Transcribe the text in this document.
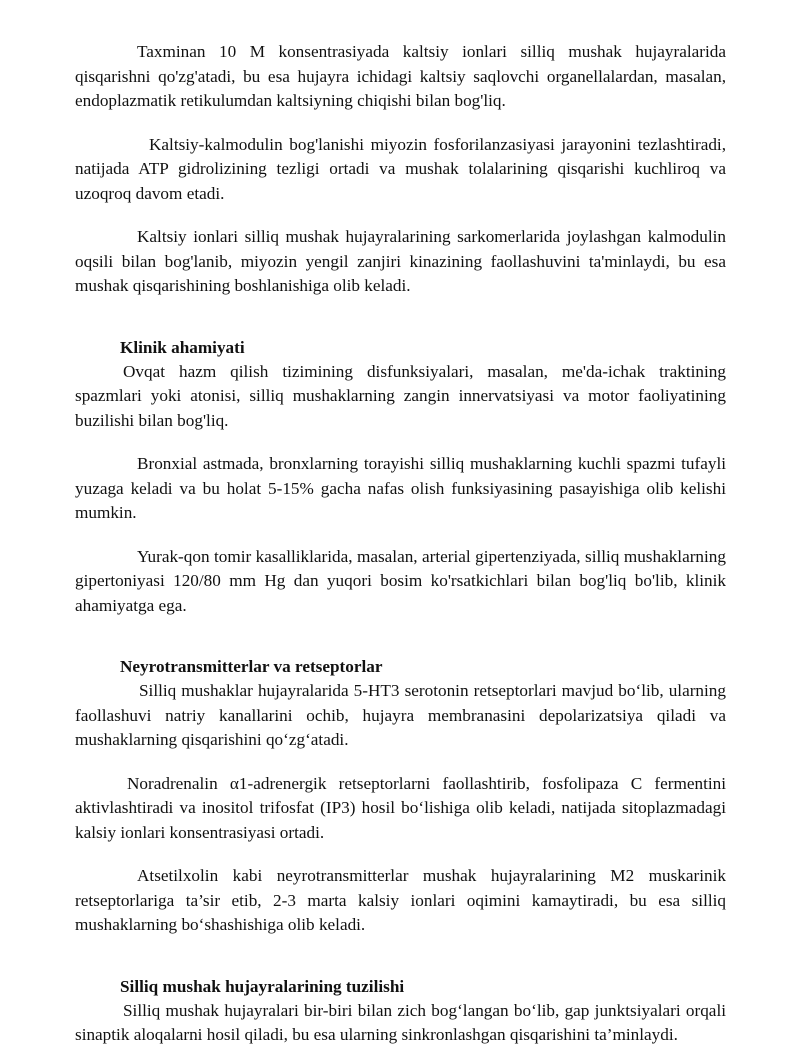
Taxminan 10 M konsentrasiyada kaltsiy ionlari silliq mushak hujayralarida qisqarishni qo'zg'atadi, bu esa hujayra ichidagi kaltsiy saqlovchi organellalardan, masalan, endoplazmatik retikulumdan kaltsiyning chiqishi bilan bog'liq.

Kaltsiy-kalmodulin bog'lanishi miyozin fosforilanzasiyasi jarayonini tezlashtiradi, natijada ATP gidrolizining tezligi ortadi va mushak tolalarining qisqarishi kuchliroq va uzoqroq davom etadi.

Kaltsiy ionlari silliq mushak hujayralarining sarkomerlarida joylashgan kalmodulin oqsili bilan bog'lanib, miyozin yengil zanjiri kinazining faollashuvini ta'minlaydi, bu esa mushak qisqarishining boshlanishiga olib keladi.

Klinik ahamiyati

Ovqat hazm qilish tizimining disfunksiyalari, masalan, me'da-ichak traktining spazmlari yoki atonisi, silliq mushaklarning zangin innervatsiyasi va motor faoliyatining buzilishi bilan bog'liq.

Bronxial astmada, bronxlarning torayishi silliq mushaklarning kuchli spazmi tufayli yuzaga keladi va bu holat 5-15% gacha nafas olish funksiyasining pasayishiga olib kelishi mumkin.

Yurak-qon tomir kasalliklarida, masalan, arterial gipertenziyada, silliq mushaklarning gipertoniyasi 120/80 mm Hg dan yuqori bosim ko'rsatkichlari bilan bog'liq bo'lib, klinik ahamiyatga ega.

Neyrotransmitterlar va retseptorlar

Silliq mushaklar hujayralarida 5-HT3 serotonin retseptorlari mavjud bo‘lib, ularning faollashuvi natriy kanallarini ochib, hujayra membranasini depolarizatsiya qiladi va mushaklarning qisqarishini qo‘zg‘atadi.

Noradrenalin α1-adrenergik retseptorlarni faollashtirib, fosfolipaza C fermentini aktivlashtiradi va inositol trifosfat (IP3) hosil bo‘lishiga olib keladi, natijada sitoplazmadagi kalsiy ionlari konsentrasiyasi ortadi.

Atsetilxolin kabi neyrotransmitterlar mushak hujayralarining M2 muskarinik retseptorlariga ta’sir etib, 2-3 marta kalsiy ionlari oqimini kamaytiradi, bu esa silliq mushaklarning bo‘shashishiga olib keladi.

Silliq mushak hujayralarining tuzilishi

Silliq mushak hujayralari bir-biri bilan zich bog‘langan bo‘lib, gap junktsiyalari orqali sinaptik aloqalarni hosil qiladi, bu esa ularning sinkronlashgan qisqarishini ta’minlaydi.
